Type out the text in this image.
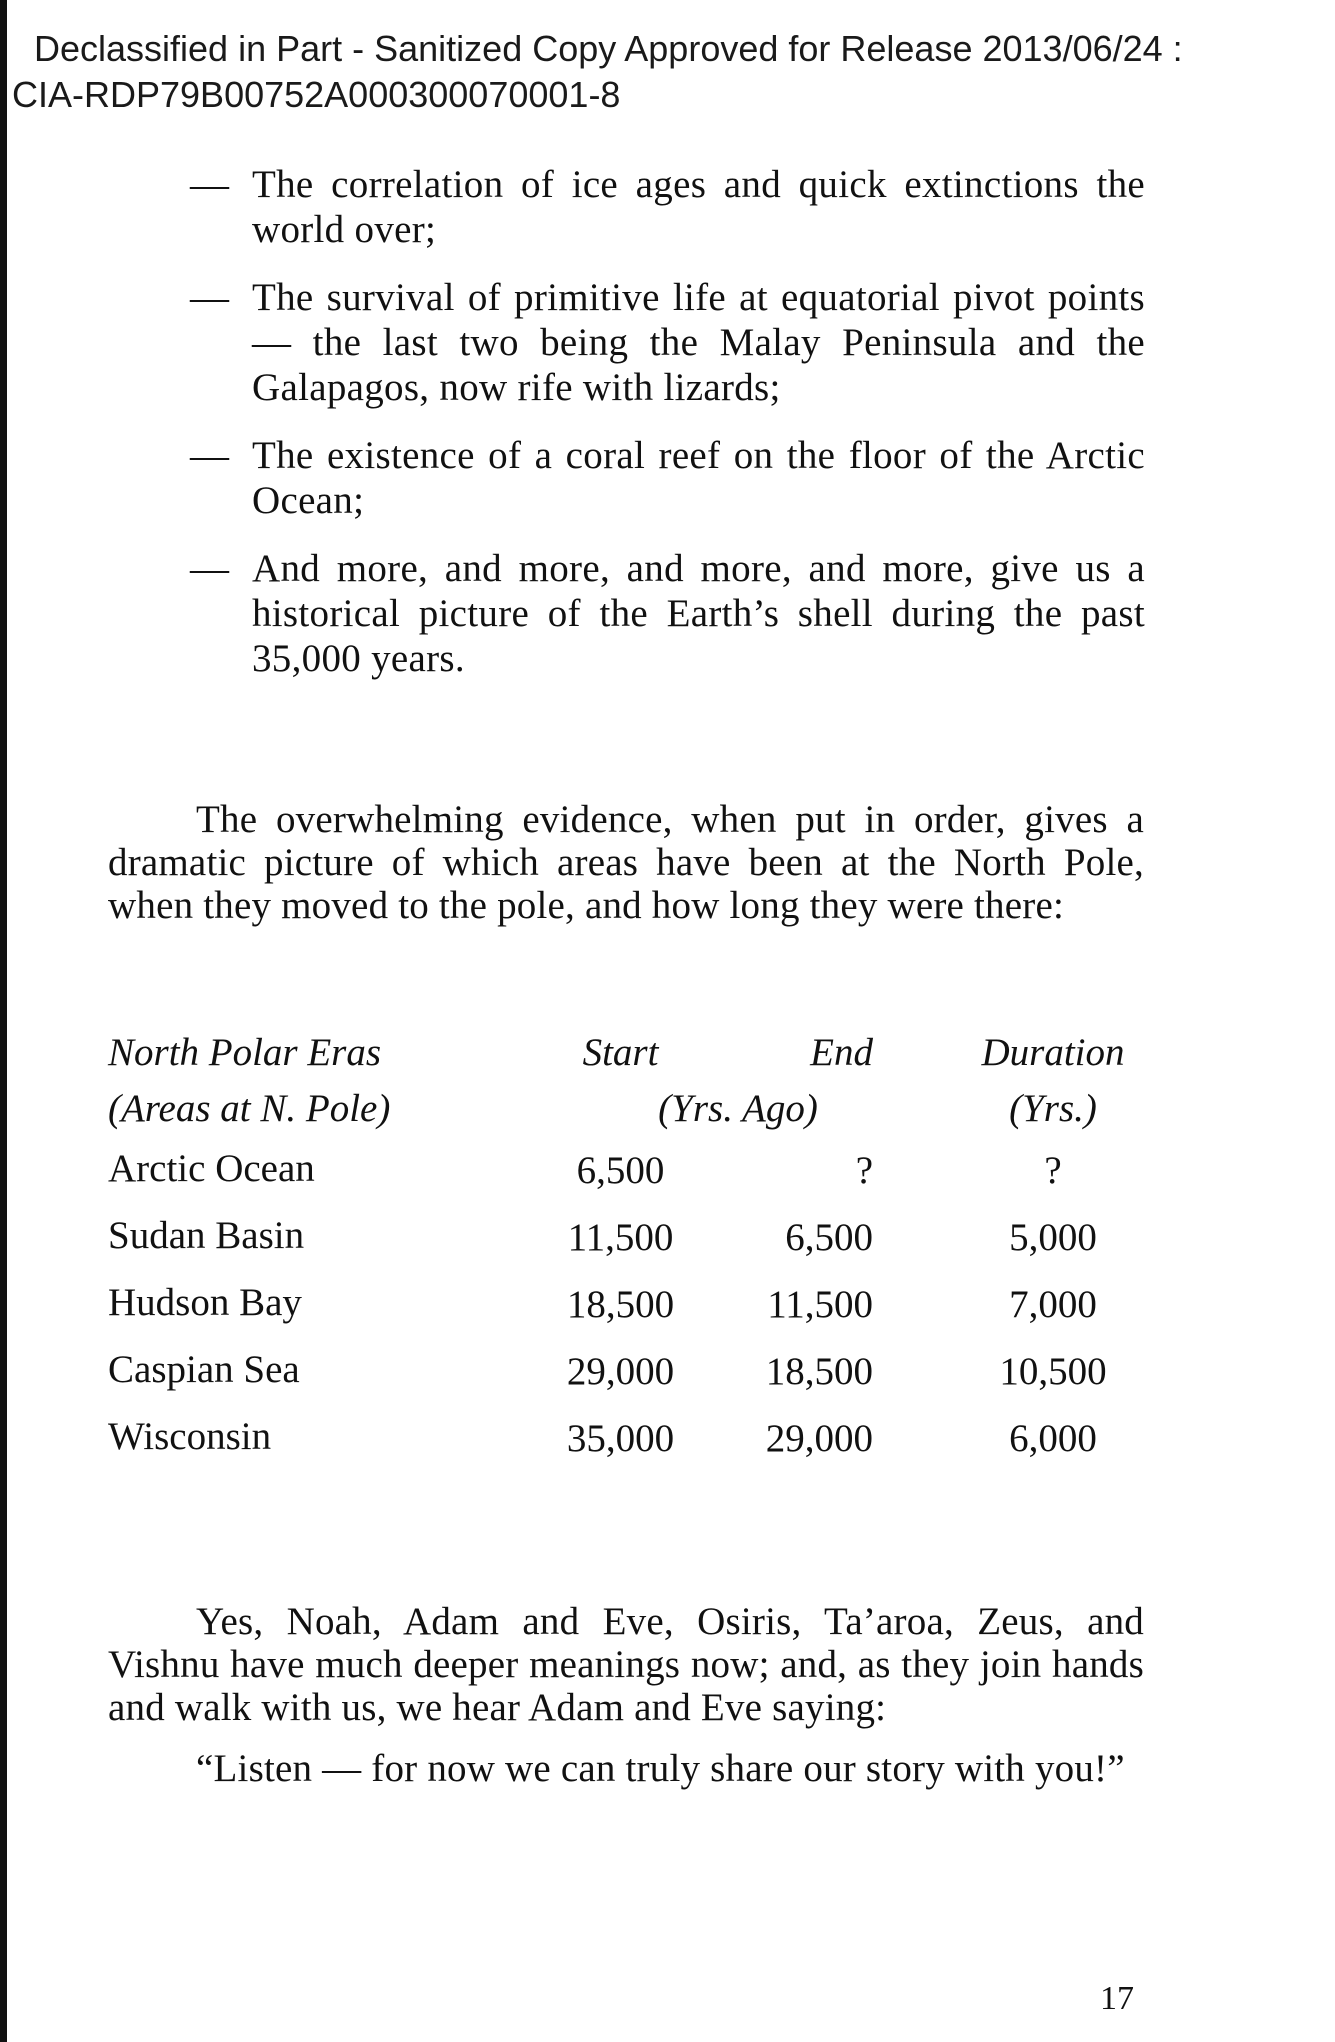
Declassified in Part - Sanitized Copy Approved for Release 2013/06/24 :
CIA-RDP79B00752A000300070001-8
— The correlation of ice ages and quick extinctions the world over;
— The survival of primitive life at equatorial pivot points — the last two being the Malay Peninsula and the Galapagos, now rife with lizards;
— The existence of a coral reef on the floor of the Arctic Ocean;
— And more, and more, and more, and more, give us a historical picture of the Earth’s shell during the past 35,000 years.

The overwhelming evidence, when put in order, gives a dramatic picture of which areas have been at the North Pole, when they moved to the pole, and how long they were there:

North Polar Eras	Start	End	Duration
(Areas at N. Pole)	(Yrs. Ago)	(Yrs.)
Arctic Ocean	6,500	?	?
Sudan Basin	11,500	6,500	5,000
Hudson Bay	18,500	11,500	7,000
Caspian Sea	29,000	18,500	10,500
Wisconsin	35,000	29,000	6,000

Yes, Noah, Adam and Eve, Osiris, Ta’aroa, Zeus, and Vishnu have much deeper meanings now; and, as they join hands and walk with us, we hear Adam and Eve saying:

“Listen — for now we can truly share our story with you!”

17
